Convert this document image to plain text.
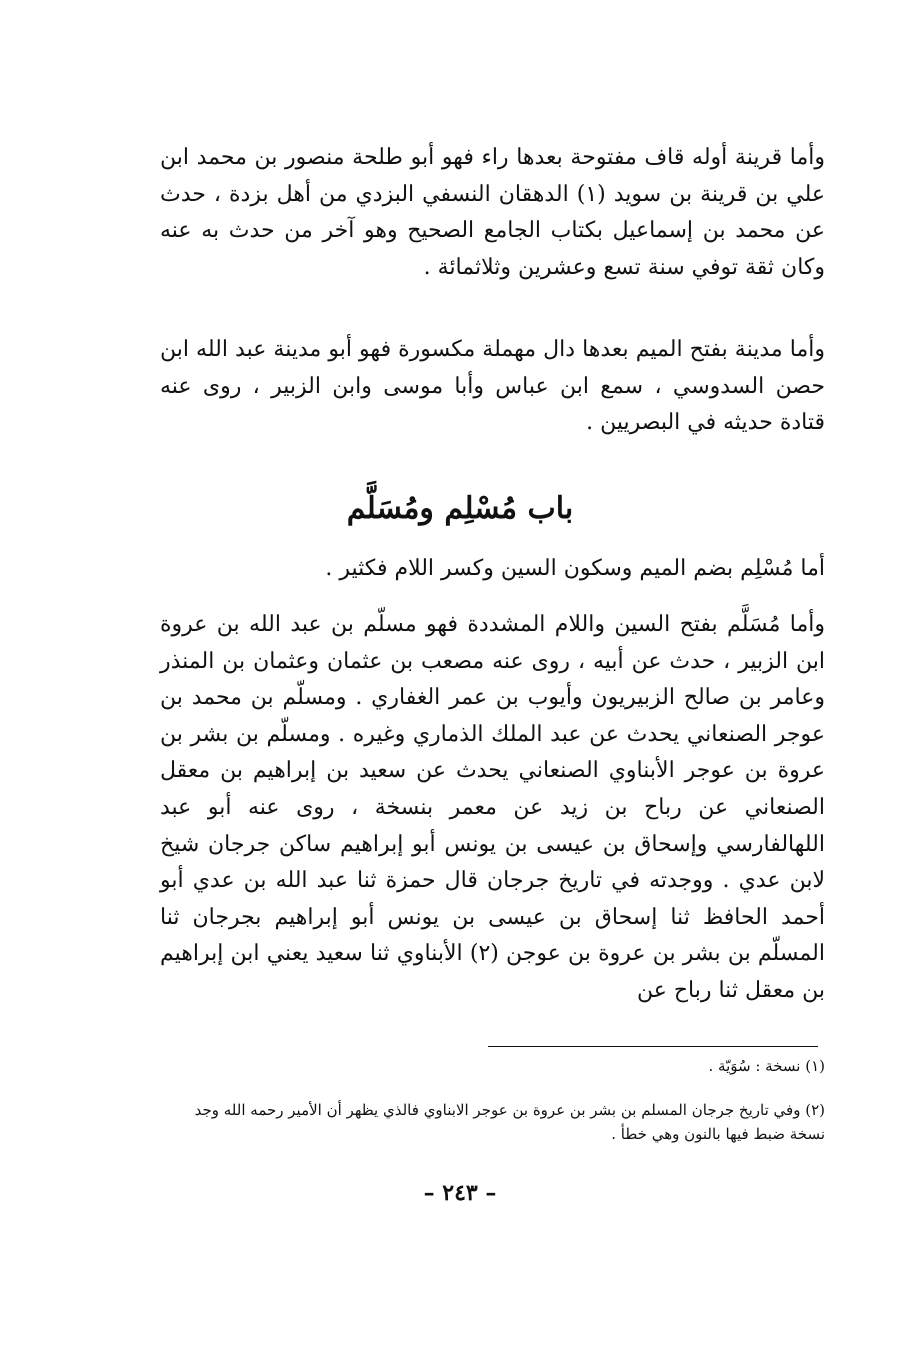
وأما قرينة أوله قاف مفتوحة بعدها راء فهو أبو طلحة منصور بن محمد ابن علي بن قرينة بن سويد (١) الدهقان النسفي البزدي من أهل بزدة ، حدث عن محمد بن إسماعيل بكتاب الجامع الصحيح وهو آخر من حدث به عنه وكان ثقة توفي سنة تسع وعشرين وثلاثمائة .

وأما مدينة بفتح الميم بعدها دال مهملة مكسورة فهو أبو مدينة عبد الله ابن حصن السدوسي ، سمع ابن عباس وأبا موسى وابن الزبير ، روى عنه قتادة حديثه في البصريين .

باب مُسْلِم ومُسَلَّم

أما مُسْلِم بضم الميم وسكون السين وكسر اللام فكثير .

وأما مُسَلَّم بفتح السين واللام المشددة فهو مسلّم بن عبد الله بن عروة ابن الزبير ، حدث عن أبيه ، روى عنه مصعب بن عثمان وعثمان بن المنذر وعامر بن صالح الزبيريون وأيوب بن عمر الغفاري . ومسلّم بن محمد بن عوجر الصنعاني يحدث عن عبد الملك الذماري وغيره . ومسلّم بن بشر بن عروة بن عوجر الأبناوي الصنعاني يحدث عن سعيد بن إبراهيم بن معقل الصنعاني عن رباح بن زيد عن معمر بنسخة ، روى عنه أبو عبد اللهالفارسي وإسحاق بن عيسى بن يونس أبو إبراهيم ساكن جرجان شيخ لابن عدي . ووجدته في تاريخ جرجان قال حمزة ثنا عبد الله بن عدي أبو أحمد الحافظ ثنا إسحاق بن عيسى بن يونس أبو إبراهيم بجرجان ثنا المسلّم بن بشر بن عروة بن عوجن (٢) الأبناوي ثنا سعيد يعني ابن إبراهيم بن معقل ثنا رباح عن

(١) نسخة : سُوَيّة .

(٢) وفي تاريخ جرجان المسلم بن بشر بن عروة بن عوجر الابناوي فالذي يظهر أن الأمير رحمه الله وجد نسخة ضبط فيها بالنون وهي خطأ .

– ٢٤٣ –
